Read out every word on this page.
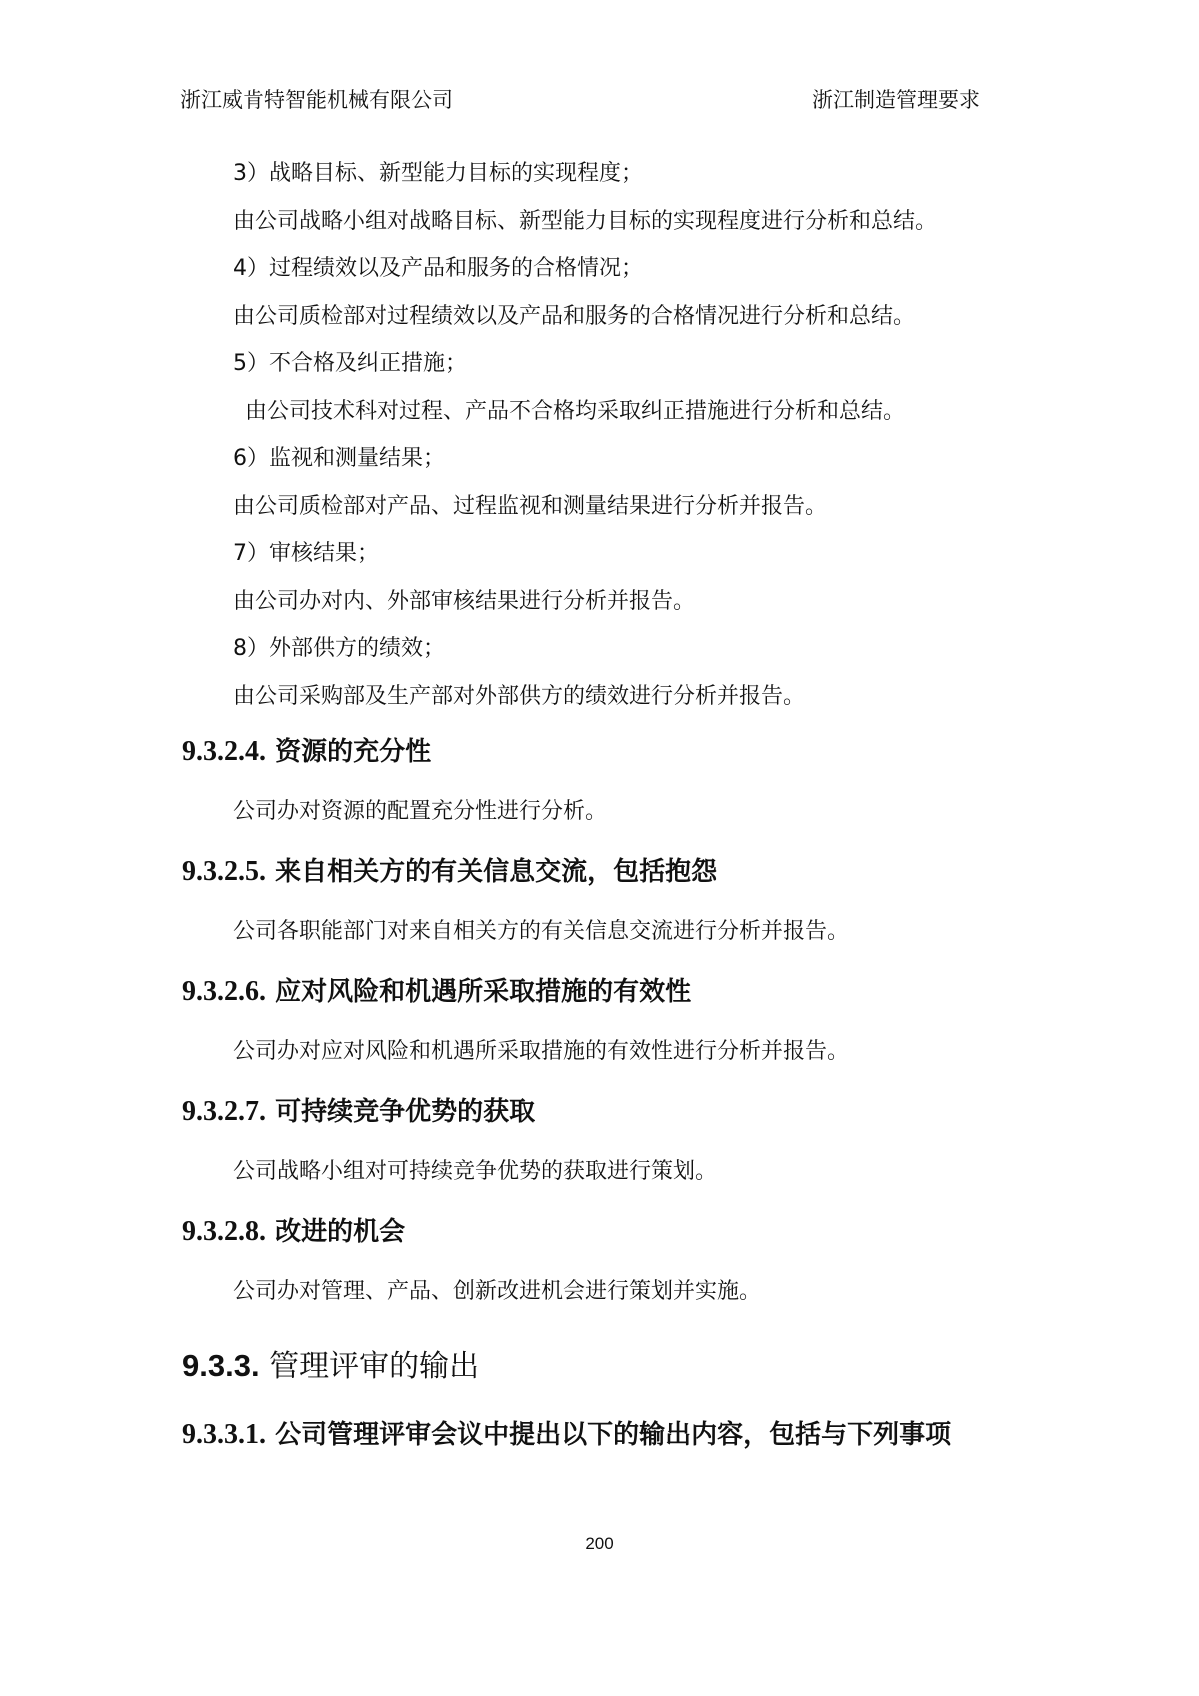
浙江威肯特智能机械有限公司	浙江制造管理要求
3）战略目标、新型能力目标的实现程度；
由公司战略小组对战略目标、新型能力目标的实现程度进行分析和总结。
4）过程绩效以及产品和服务的合格情况；
由公司质检部对过程绩效以及产品和服务的合格情况进行分析和总结。
5）不合格及纠正措施；
由公司技术科对过程、产品不合格均采取纠正措施进行分析和总结。
6）监视和测量结果；
由公司质检部对产品、过程监视和测量结果进行分析并报告。
7）审核结果；
由公司办对内、外部审核结果进行分析并报告。
8）外部供方的绩效；
由公司采购部及生产部对外部供方的绩效进行分析并报告。
9.3.2.4. 资源的充分性
公司办对资源的配置充分性进行分析。
9.3.2.5. 来自相关方的有关信息交流，包括抱怨
公司各职能部门对来自相关方的有关信息交流进行分析并报告。
9.3.2.6. 应对风险和机遇所采取措施的有效性
公司办对应对风险和机遇所采取措施的有效性进行分析并报告。
9.3.2.7. 可持续竞争优势的获取
公司战略小组对可持续竞争优势的获取进行策划。
9.3.2.8. 改进的机会
公司办对管理、产品、创新改进机会进行策划并实施。
9.3.3. 管理评审的输出
9.3.3.1. 公司管理评审会议中提出以下的输出内容，包括与下列事项
200
